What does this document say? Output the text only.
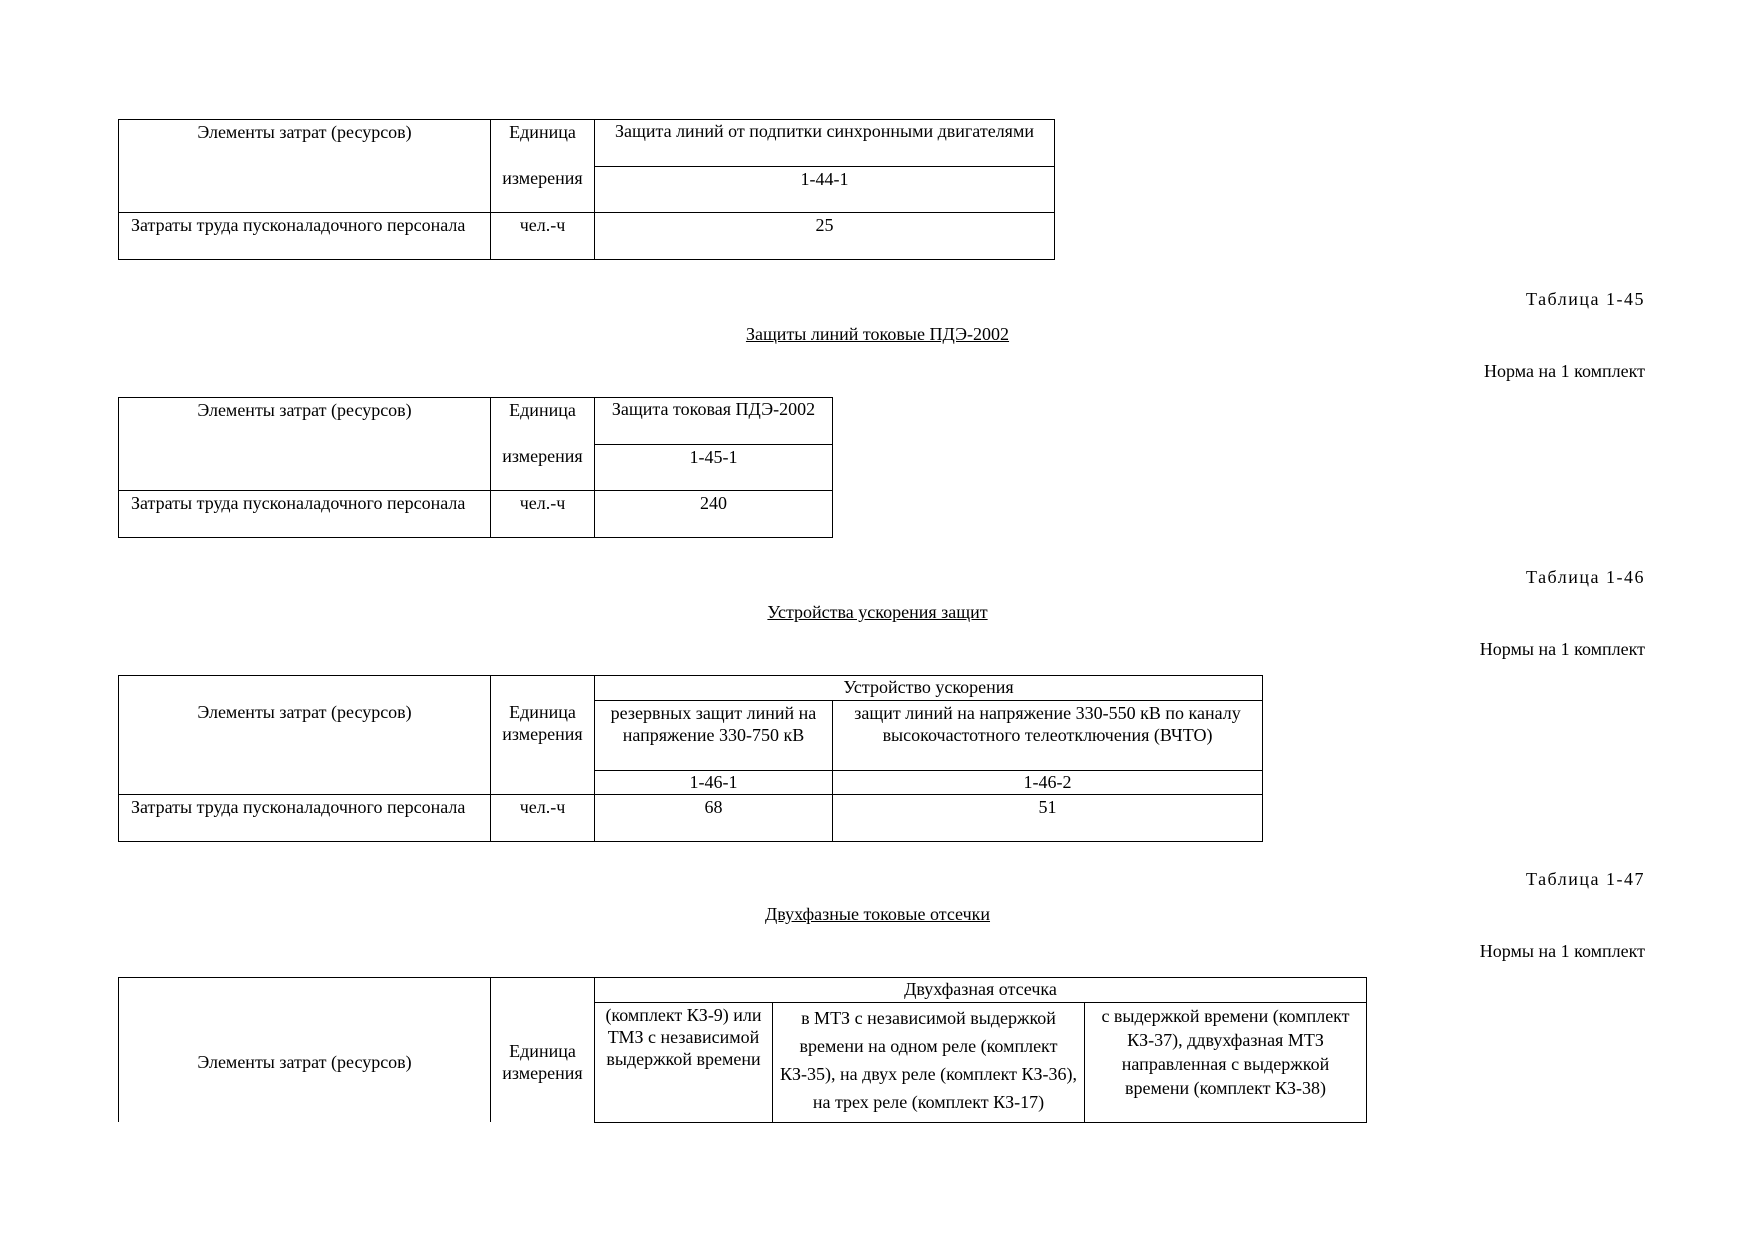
Элементы затрат (ресурсов)	Единица	Защита линий от подпитки синхронными двигателями
	измерения	1-44-1
Затраты труда пусконаладочного персонала	чел.-ч	25
Таблица 1-45
Защиты линий токовые ПДЭ-2002
Норма на 1 комплект
Элементы затрат (ресурсов)	Единица	Защита токовая ПДЭ-2002
	измерения	1-45-1
Затраты труда пусконаладочного персонала	чел.-ч	240
Таблица 1-46
Устройства ускорения защит
Нормы на 1 комплект
		Устройство ускорения	
Элементы затрат (ресурсов)	Единица измерения	резервных защит линий на напряжение 330-750 кВ	защит линий на напряжение 330-550 кВ по каналу высокочастотного телеотключения (ВЧТО)
		1-46-1	1-46-2
Затраты труда пусконаладочного персонала	чел.-ч	68	51
Таблица 1-47
Двухфазные токовые отсечки
Нормы на 1 комплект
		Двухфазная отсечка		
Элементы затрат (ресурсов)	Единица измерения	(комплект КЗ-9) или ТМЗ с независимой выдержкой времени	в МТЗ с независимой выдержкой времени на одном реле (комплект КЗ-35), на двух реле (комплект КЗ-36), на трех реле (комплект КЗ-17)	с выдержкой времени (комплект КЗ-37), ддвухфазная МТЗ направленная с выдержкой времени (комплект КЗ-38)
